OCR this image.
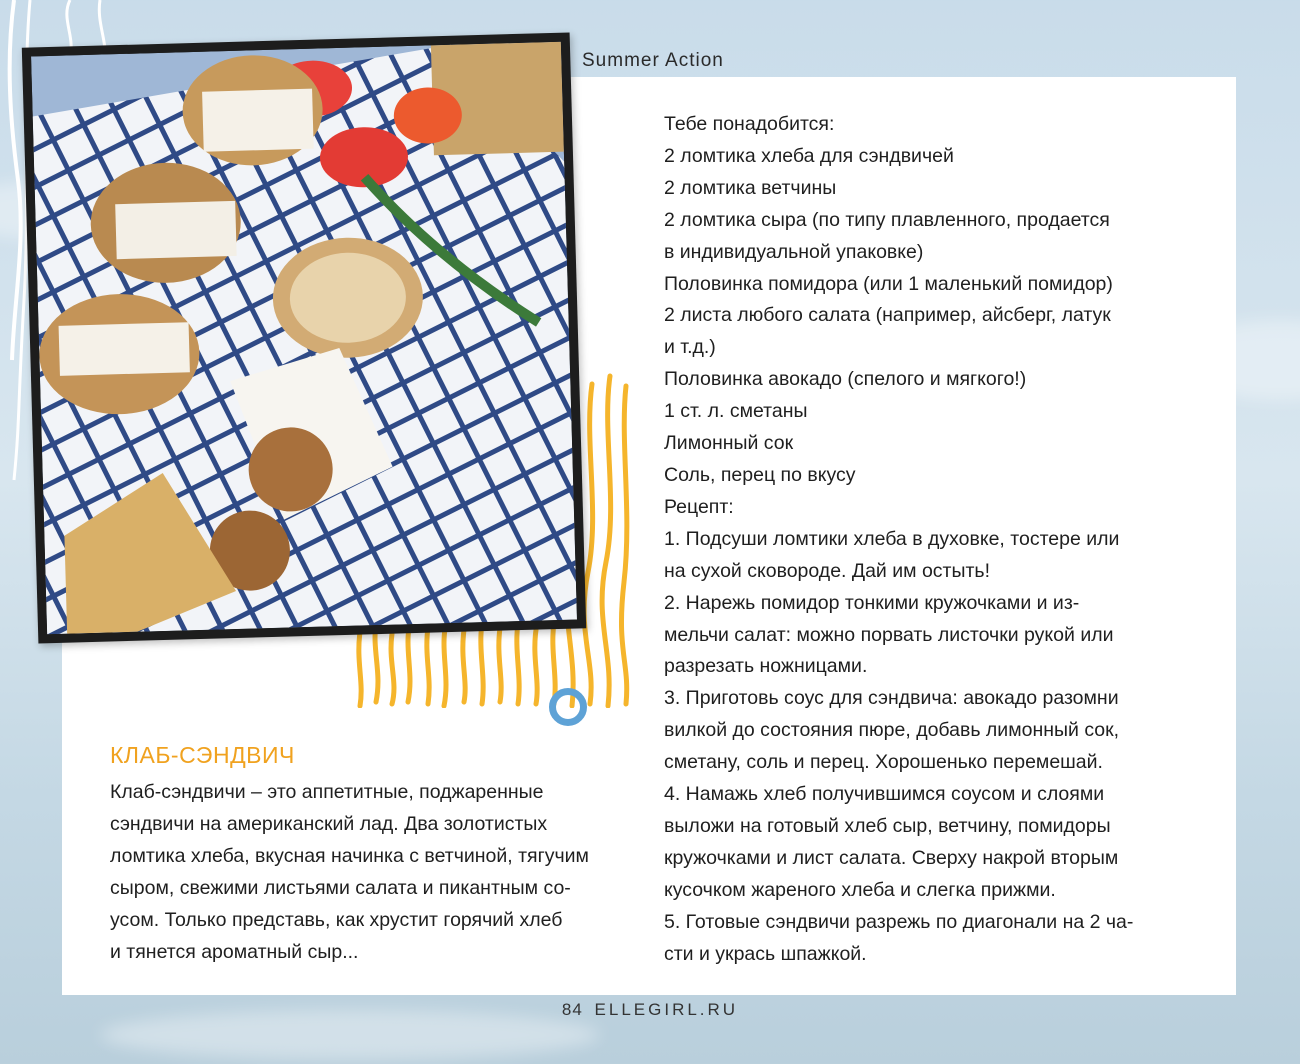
Summer Action
КЛАБ-СЭНДВИЧ
Клаб-сэндвичи – это аппетитные, поджаренные
сэндвичи на американский лад. Два золотистых
ломтика хлеба, вкусная начинка с ветчиной, тягучим
сыром, свежими листьями салата и пикантным со-
усом. Только представь, как хрустит горячий хлеб
и тянется ароматный сыр...
Тебе понадобится:
2 ломтика хлеба для сэндвичей
2 ломтика ветчины
2 ломтика сыра (по типу плавленного, продается
в индивидуальной упаковке)
Половинка помидора (или 1 маленький помидор)
2 листа любого салата (например, айсберг, латук
и т.д.)
Половинка авокадо (спелого и мягкого!)
1 ст. л. сметаны
Лимонный сок
Соль, перец по вкусу
Рецепт:
1. Подсуши ломтики хлеба в духовке, тостере или
на сухой сковороде. Дай им остыть!
2. Нарежь помидор тонкими кружочками и из-
мельчи салат: можно порвать листочки рукой или
разрезать ножницами.
3. Приготовь соус для сэндвича: авокадо разомни
вилкой до состояния пюре, добавь лимонный сок,
сметану, соль и перец. Хорошенько перемешай.
4. Намажь хлеб получившимся соусом и слоями
выложи на готовый хлеб сыр, ветчину, помидоры
кружочками и лист салата. Сверху накрой вторым
кусочком жареного хлеба и слегка прижми.
5. Готовые сэндвичи разрежь по диагонали на 2 ча-
сти и укрась шпажкой.
84 ELLEGIRL.RU
